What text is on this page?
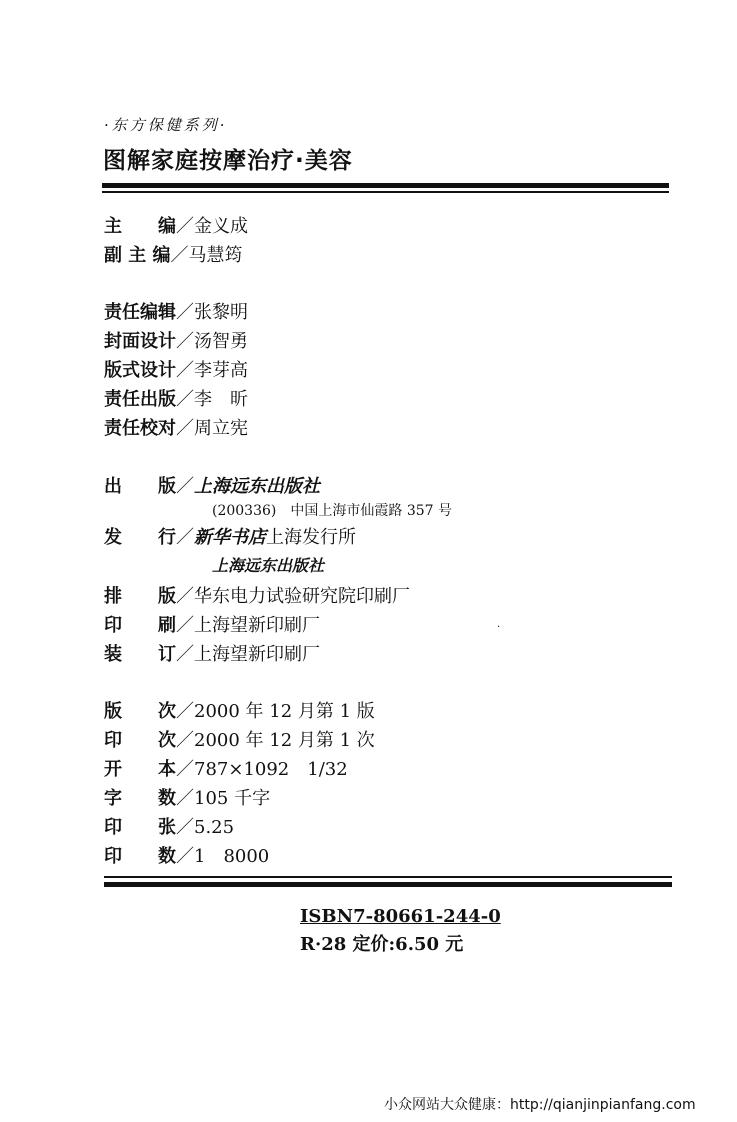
·东方保健系列·
图解家庭按摩治疗·美容
主　　编 ／ 金义成
副 主 编 ／ 马慧筠
责任编辑 ／ 张黎明
封面设计 ／ 汤智勇
版式设计 ／ 李芽高
责任出版 ／ 李　昕
责任校对 ／ 周立宪
出　　版 ／ 上海远东出版社
(200336)　中国上海市仙霞路 357 号
发　　行 ／ 新华书店 上海发行所
上海远东出版社
排　　版 ／ 华东电力试验研究院印刷厂
印　　刷 ／ 上海望新印刷厂	·
装　　订 ／ 上海望新印刷厂
版　　次 ／ 2000 年 12 月第 1 版
印　　次 ／ 2000 年 12 月第 1 次
开　　本 ／ 787×1092　1/32
字　　数 ／ 105 千字
印　　张 ／ 5.25
印　　数 ／ 1　8000
ISBN7-80661-244-0
R·28 定价:6.50 元
小众网站大众健康：http://qianjinpianfang.com
